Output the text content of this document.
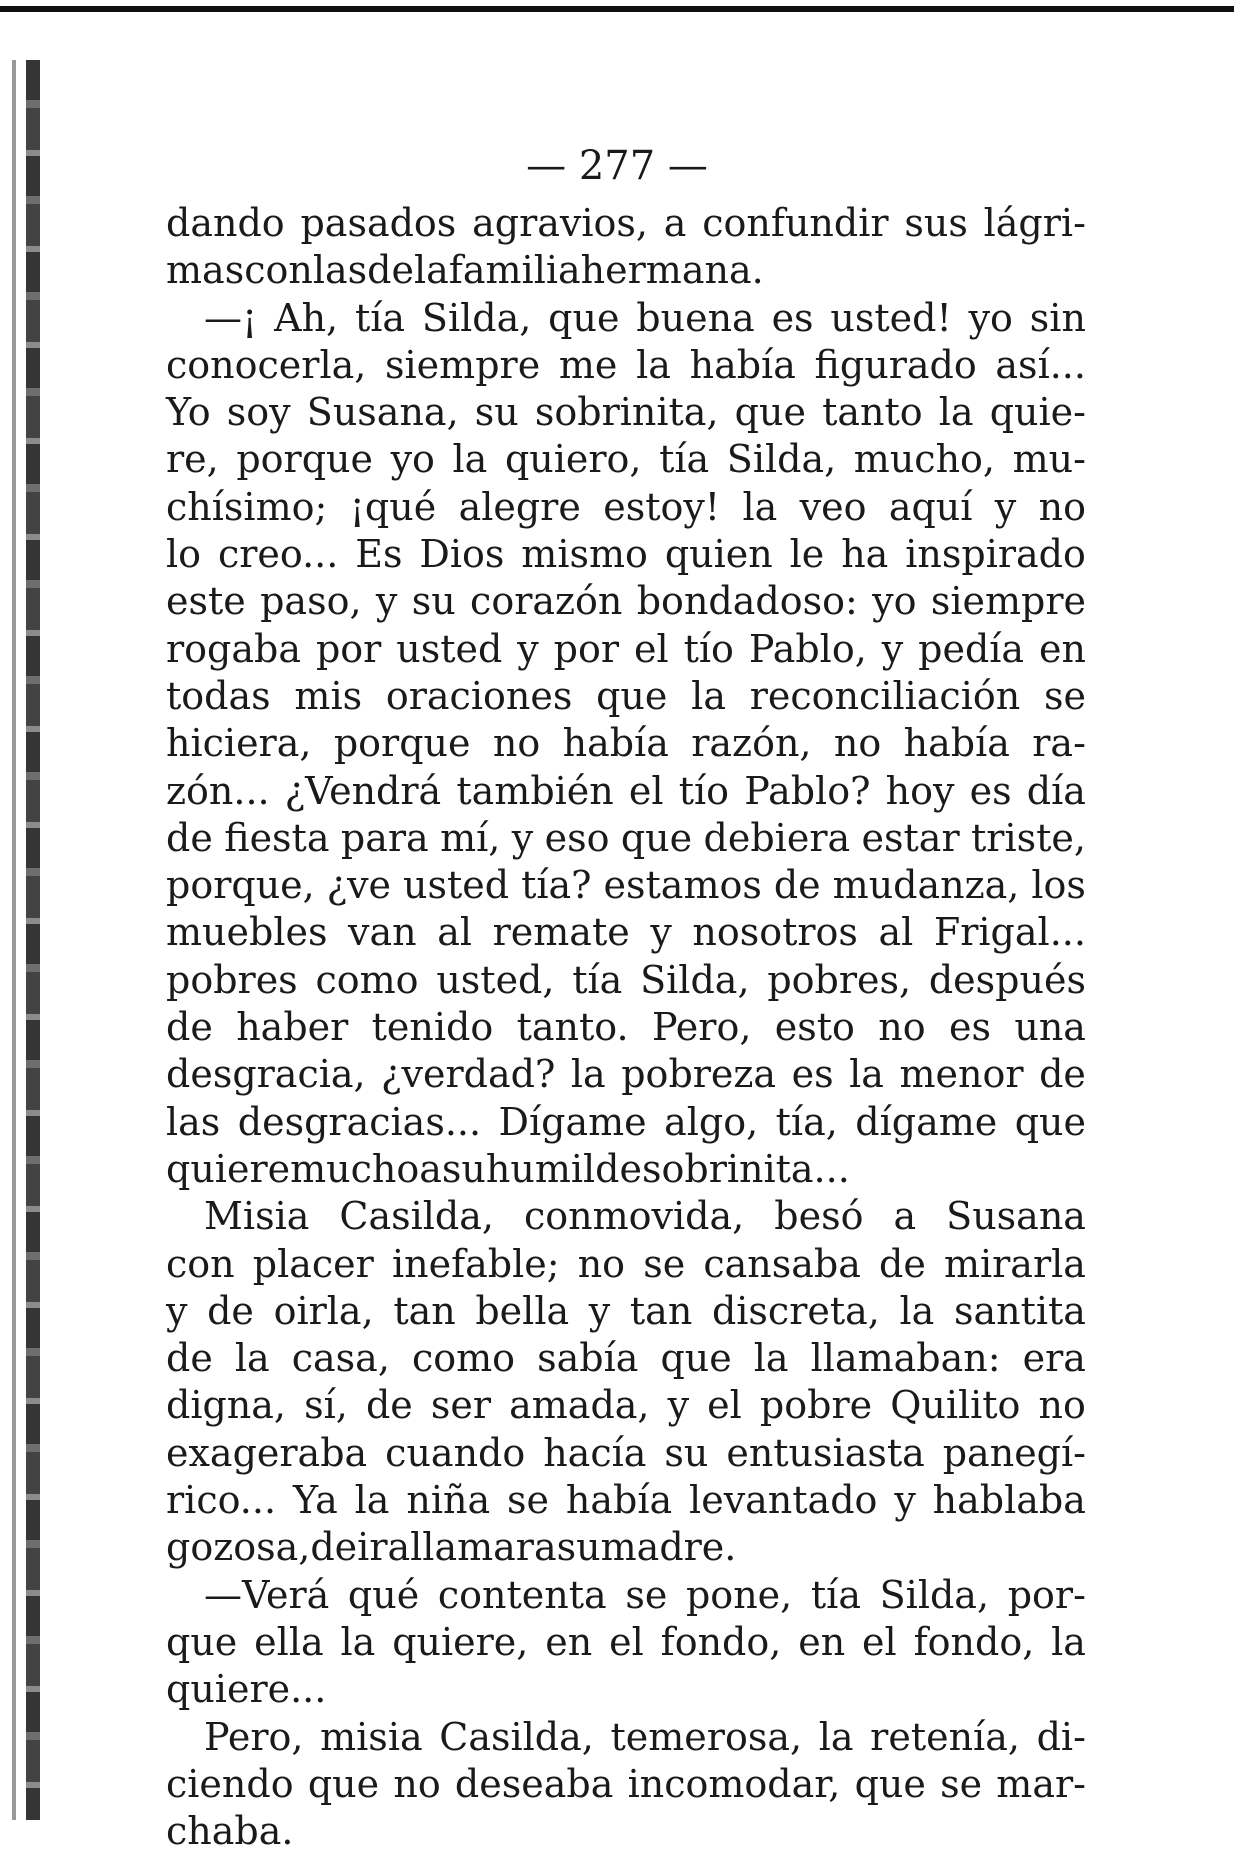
— 277 —
dando pasados agravios, a confundir sus lágri-
mas con las de la familia hermana.
—¡ Ah, tía Silda, que buena es usted! yo sin
conocerla, siempre me la había figurado así...
Yo soy Susana, su sobrinita, que tanto la quie-
re, porque yo la quiero, tía Silda, mucho, mu-
chísimo; ¡qué alegre estoy! la veo aquí y no
lo creo... Es Dios mismo quien le ha inspirado
este paso, y su corazón bondadoso: yo siempre
rogaba por usted y por el tío Pablo, y pedía en
todas mis oraciones que la reconciliación se
hiciera, porque no había razón, no había ra-
zón... ¿Vendrá también el tío Pablo? hoy es día
de fiesta para mí, y eso que debiera estar triste,
porque, ¿ve usted tía? estamos de mudanza, los
muebles van al remate y nosotros al Frigal...
pobres como usted, tía Silda, pobres, después
de haber tenido tanto. Pero, esto no es una
desgracia, ¿verdad? la pobreza es la menor de
las desgracias... Dígame algo, tía, dígame que
quiere mucho a su humilde sobrinita...
Misia Casilda, conmovida, besó a Susana
con placer inefable; no se cansaba de mirarla
y de oirla, tan bella y tan discreta, la santita
de la casa, como sabía que la llamaban: era
digna, sí, de ser amada, y el pobre Quilito no
exageraba cuando hacía su entusiasta panegí-
rico... Ya la niña se había levantado y hablaba
gozosa, de ir a llamar a su madre.
—Verá qué contenta se pone, tía Silda, por-
que ella la quiere, en el fondo, en el fondo, la
quiere...
Pero, misia Casilda, temerosa, la retenía, di-
ciendo que no deseaba incomodar, que se mar-
chaba.
